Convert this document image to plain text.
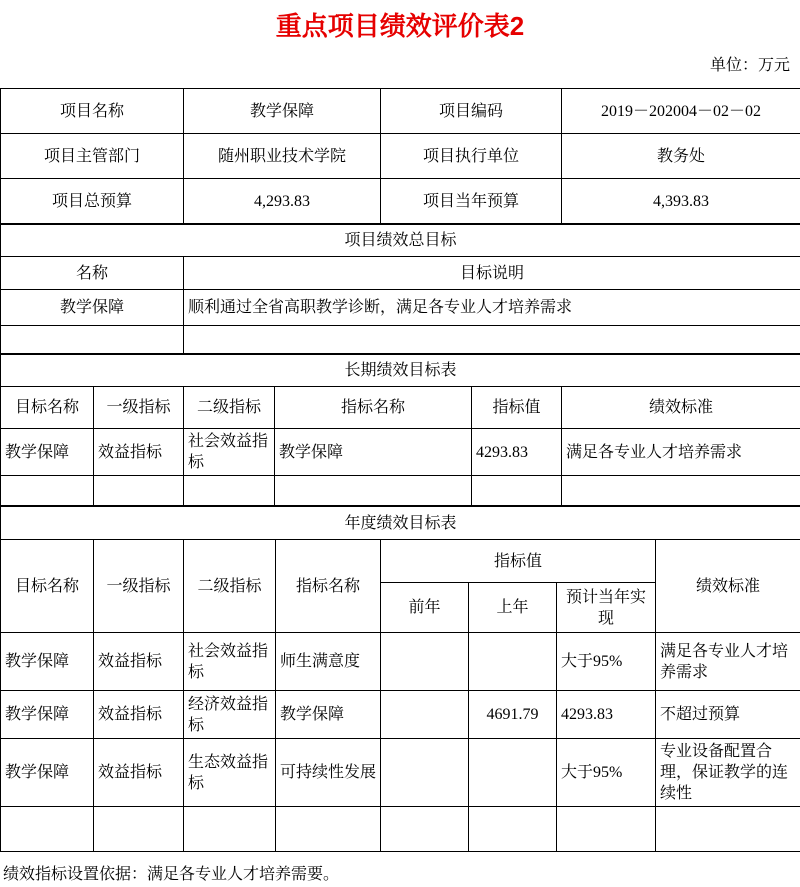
重点项目绩效评价表2
单位：万元
项目名称	教学保障	项目编码	2019－202004－02－02
项目主管部门	随州职业技术学院	项目执行单位	教务处
项目总预算	4,293.83	项目当年预算	4,393.83
项目绩效总目标	
名称	目标说明
教学保障	顺利通过全省高职教学诊断，满足各专业人才培养需求

长期绩效目标表					
目标名称	一级指标	二级指标	指标名称	指标值	绩效标准
教学保障	效益指标	社会效益指标	教学保障	4293.83	满足各专业人才培养需求

年度绩效目标表							
目标名称	一级指标	二级指标	指标名称	指标值			绩效标准
				前年	上年	预计当年实现	
教学保障	效益指标	社会效益指标	师生满意度			大于95%	满足各专业人才培养需求
教学保障	效益指标	经济效益指标	教学保障		4691.79	4293.83	不超过预算
教学保障	效益指标	生态效益指标	可持续性发展			大于95%	专业设备配置合理，保证教学的连续性

绩效指标设置依据：满足各专业人才培养需要。
